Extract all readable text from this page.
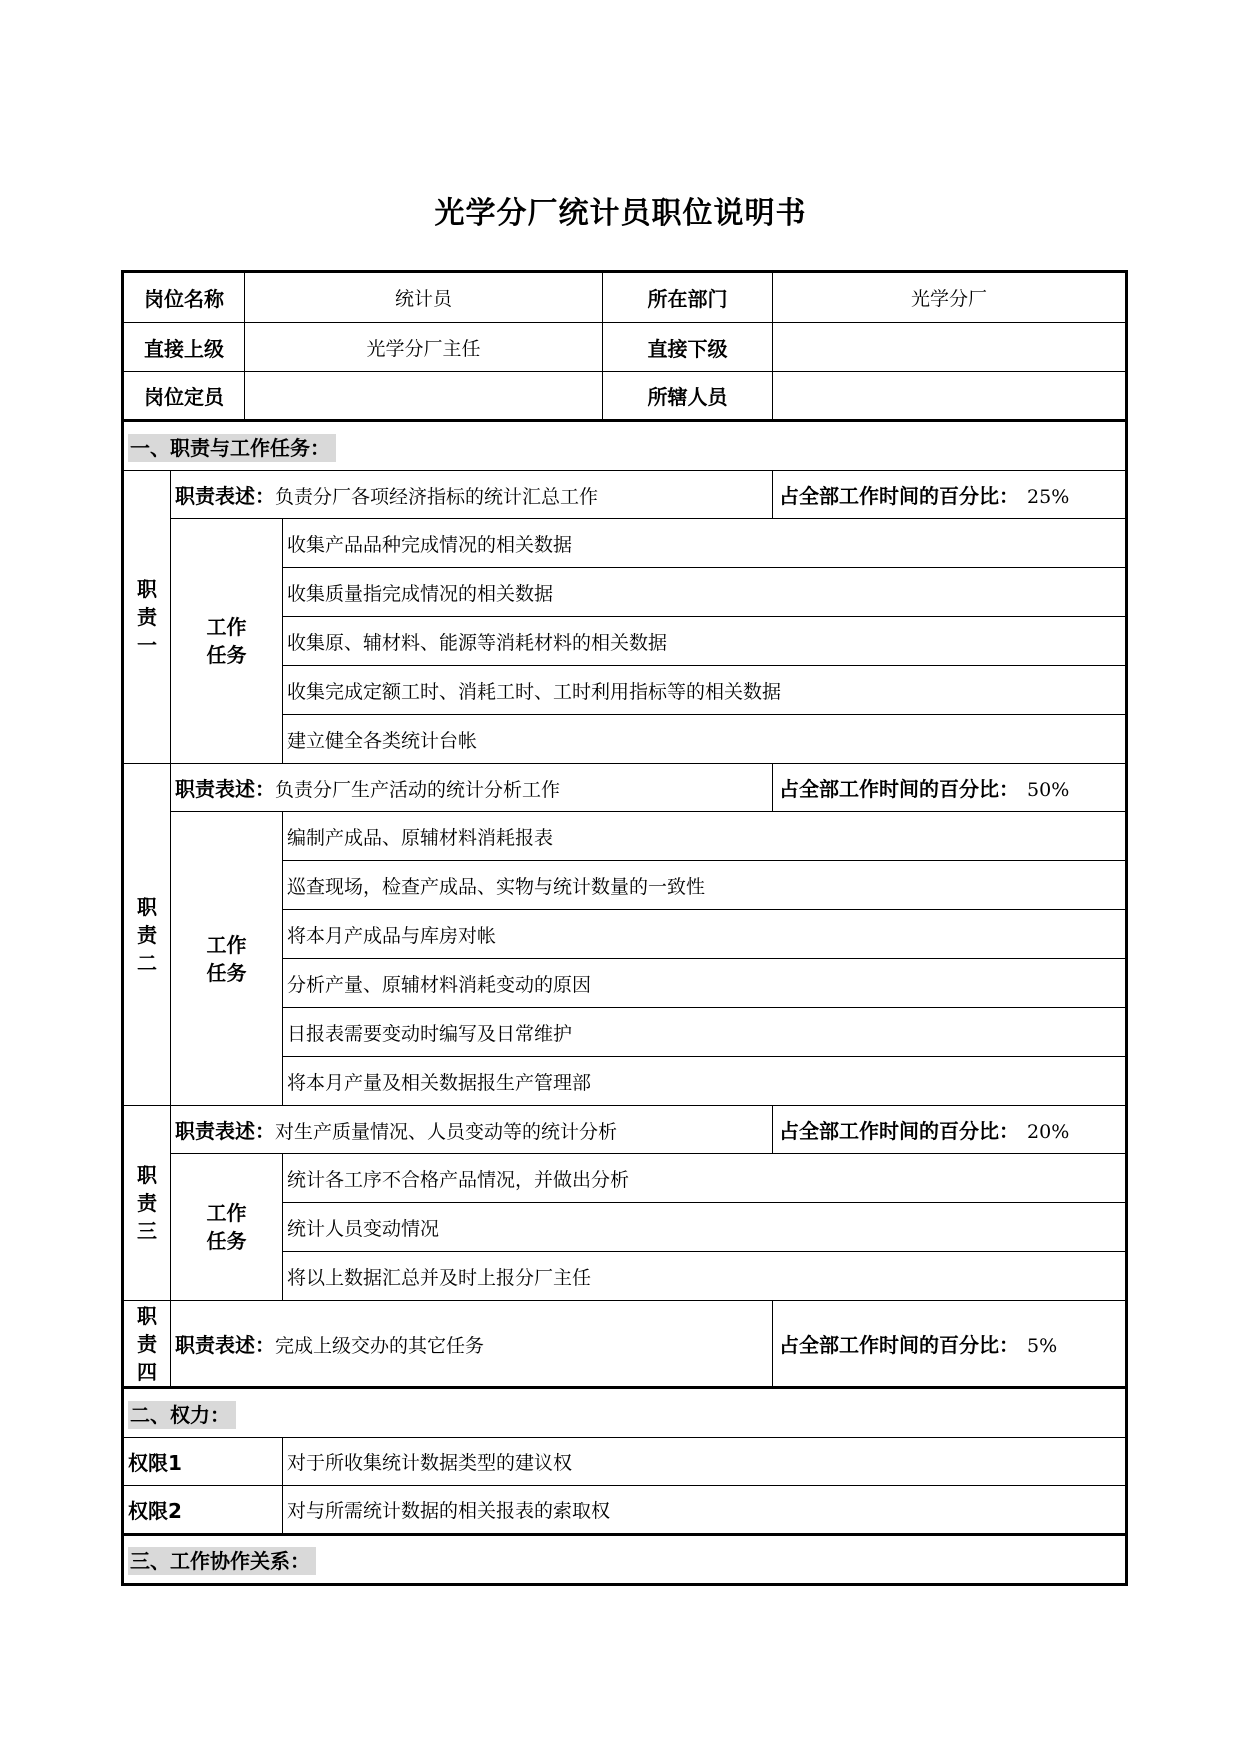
光学分厂统计员职位说明书
岗位名称		统计员		所在部门	光学分厂
直接上级		光学分厂主任		直接下级	
岗位定员				所辖人员	
一、职责与工作任务：					
职责一	职责表述：负责分厂各项经济指标的统计汇总工作				占全部工作时间的百分比： 25%
	工作任务		收集产品品种完成情况的相关数据		
			收集质量指完成情况的相关数据		
			收集原、辅材料、能源等消耗材料的相关数据		
			收集完成定额工时、消耗工时、工时利用指标等的相关数据		
			建立健全各类统计台帐		
职责二	职责表述：负责分厂生产活动的统计分析工作				占全部工作时间的百分比： 50%
	工作任务		编制产成品、原辅材料消耗报表		
			巡查现场，检查产成品、实物与统计数量的一致性		
			将本月产成品与库房对帐		
			分析产量、原辅材料消耗变动的原因		
			日报表需要变动时编写及日常维护		
			将本月产量及相关数据报生产管理部		
职责三	职责表述：对生产质量情况、人员变动等的统计分析				占全部工作时间的百分比： 20%
	工作任务		统计各工序不合格产品情况，并做出分析		
			统计人员变动情况		
			将以上数据汇总并及时上报分厂主任		
职责四	职责表述：完成上级交办的其它任务				占全部工作时间的百分比： 5%
二、权力：					
权限1			对于所收集统计数据类型的建议权		
权限2			对与所需统计数据的相关报表的索取权		
三、工作协作关系：					
